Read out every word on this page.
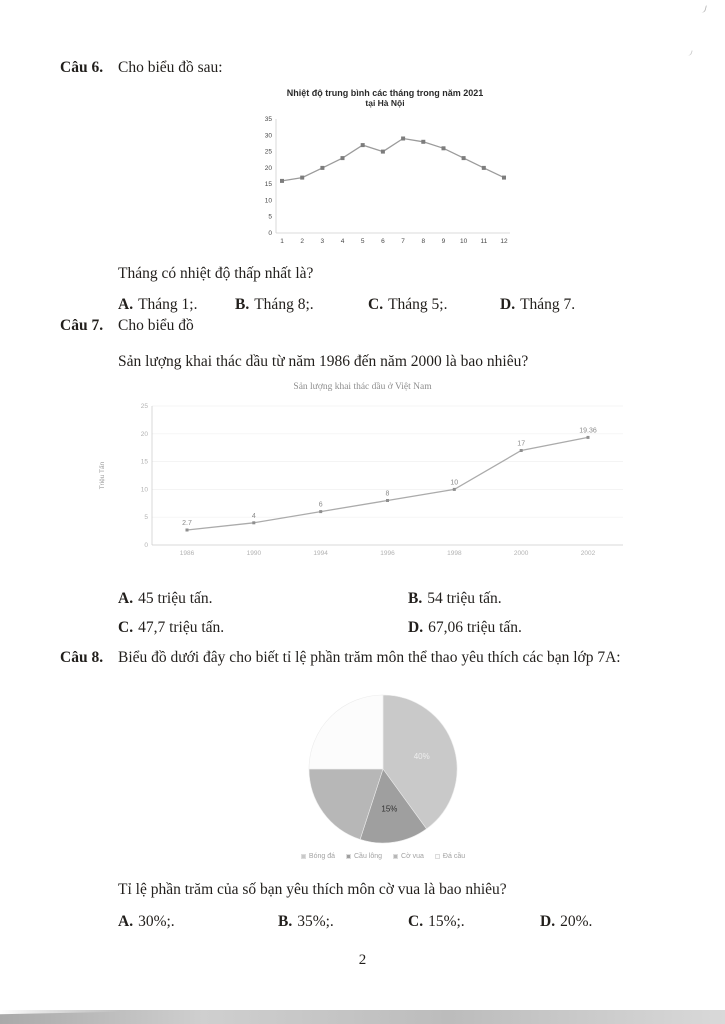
Câu 6. Cho biểu đồ sau:
Nhiệt độ trung bình các tháng trong năm 2021
tại Hà Nội
0
5
10
15
20
25
30
35
1	2	3	4	5	6	7	8	9 10 11 12
Tháng có nhiệt độ thấp nhất là?
A. Tháng 1;.	B. Tháng 8;.	C. Tháng 5;.	D. Tháng 7.
Câu 7. Cho biểu đồ
Sản lượng khai thác dầu từ năm 1986 đến năm 2000 là bao nhiêu?
Sản lượng khai thác dầu ở Việt Nam
0
5
10
15
20
25
1986	1990	1994	1996	1998	2000	2002
2.7
4
6
8
10
17
19.36
Triệu Tấn
A. 45 triệu tấn.	B. 54 triệu tấn.
C. 47,7 triệu tấn.	D. 67,06 triệu tấn.
Câu 8. Biểu đồ dưới đây cho biết tỉ lệ phần trăm môn thể thao yêu thích các bạn lớp 7A:
40%
15%
Bóng đá	Cầu lông	Cờ vua	Đá cầu
Tỉ lệ phần trăm của số bạn yêu thích môn cờ vua là bao nhiêu?
A. 30%;.	B. 35%;.	C. 15%;.	D. 20%.
2
